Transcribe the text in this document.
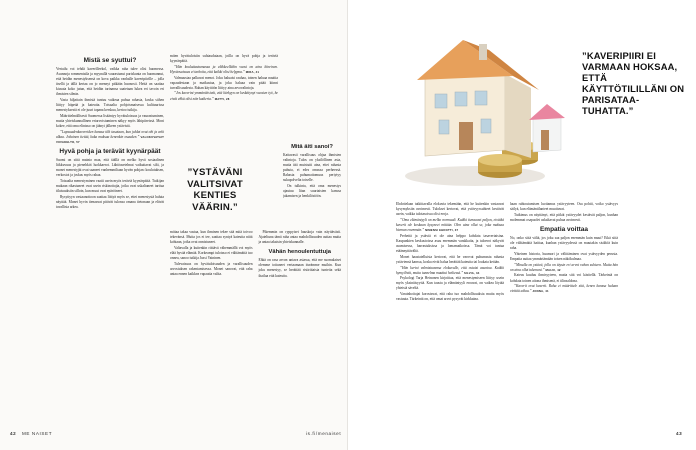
Mistä se syuttui?

Vertailu voi tehdä kaverilleekol, vaikka raha tulee olisi huomessa. Asunnoja rommentaila ja myynallä vaurastunut pariskunta on huomannut, että heidän menestyksensä on kova paikka vanhalle kaveripiirille – jolla itsellä ja tällä kertaa on jo mennyt pitkään huonosti. Heitä on saattaa kiusata koko jutun, että heidän tarinansa saatetaan lukea eri tavoin eri ihmisten silmin.

Vasta hiljattain ihmistä tuntuu vaikeaa puhua rahasta, koska siihen liittyy häpeää ja kateutta. Toisaalta pohjoismaisessa kulttuurissa menestyksestä ei ole juuri tapana kerskua, kertoo tutkija.

Määrittelmällisesti Suomessa lisääntyy hyvätuloisuus ja vaurastuminen, mutta yhteiskunnallinen eriarvoistuminen näkyy myös lähipiireissä. Moni kokee, että oma elintaso on jäänyt jälkeen ystävistä.

”Lapsuudenkavereiden kanssa tilit tasataan, kun juhlat ovat ohi ja arki alkaa. Jokainen tietää, kuka maksaa kenenkin osuuden.” VALOKUVATAIT VIIVAKELTO, 57

Hyvä pohja ja terävät kyynärpäät

Suomi on siitä mainio maa, että täällä on melko hyvä sosiaalinen liikkuvuus ja pienehköt luokkaerot. Lähtöasetelmat vaikuttavat silti, ja monet menestyjät ovat saaneet vanhemmiltaan hyvän pohjan: koulutuksen, verkostot ja joskus myös rahaa.

Toisaalta menestyminen vaatii usein myös teräviä kyynärpäitä. Tutkijan mukaan rikastuneet ovat usein riskinottajia, jotka ovat uskaltaneet tarttua tilaisuuksiin silloin, kun muut ovat epäröineet.

Rysyttyyn vastaanottoon saattaa liittyä myös se, ettei menestystä haluta näyttää. Monet hyvin tienaavat pitävät tulonsa omana tietonaan ja elävät tavallista arkea.

miten hyvätuloisiin suhtaudutaan, joilla on hyvä pohja ja teräviä kyynärpäitä.

”Hän kouluttautumassa ja eläkkeelläkin vuosi on aina kiireinen. Hyväosaisuus ei tarkoita, että kaikki olisi helppoa.” MIRA, 41

Valmuustaa palkavat menot. Joku haluaisi rauhaa, toinen haluaa nauttia vapaudestaan ja matkustaa, ja joku haluaa vain pitää kiinni turvallisuudesta. Rahan käyttöön liittyy aina arvovalintoja.

”Jos kaverini ymmärtäisivät, että kärkyyn on keskittynyt vuosien työ, he eivät ehkä olisi niin katkeria.” MATTI, 28

Mitä äiti sanoi?

Kattavasti varallisuus ohjaa ihmisten valintoja. Tulos on yksilöllinen asia, mutta äiti muistutti aina, ettei rahasta puhuta, ei edes omassa perheessä. Rahasta puhumattomuus periytyy sukupolvelta toiselle.

On tulkinta, että oma menestys ajautuu liian suurtaisten kanssa jakamisen ja henkilöstöön.

”YSTÄVÄNI VALITSIVAT KENTIES VÄÄRIN.”

mittaa takaa vastaa, kun ihminen tekee sitä mitä toivoo tekevänsä. Mutta jos ei tee, saattaa syntyä kateutta niitä kohtaan, jotka ovat onnistuneet.

Valtavalla ja kuitenkin riittävä vähemmällä voi myös elää hyvää elämää. Korkeampi tulotaso ei välttämättä tuo onnea, sanoo tutkija Jussi Vaininen.

Tulevaisuus on hyvätuloisuuden ja varallisuuden arvostuksen rakentamisessa. Monet sanovat, että raha antaa ennen kaikkea vapautta valita.

Pikemmin on ryppyiset hauskoja vain näyttävästi. Ajateltuna tämä raha antaa mahdollisuuden auttaa muita ja antaa takaisin yhteiskunnalle.

Vähän henoulentuttuja

Ehkä on rasa arvon antava asiassa, että me suomalaiset olemme tottuneet vertaamaan itseämme muihin. Kun joku menestyy, se herättää ristiriitaisia tunteita sekä ihailua että kateutta.

42 ME NAISET

Ehdottelaan tutkittavalla elokuvia tekemään, että he kuitenkin vastaavat kysymyksiin avoimesti. Tulokset kertovat, että ystävyyssuhteet kestävät usein, vaikka tulotasoissa olisi eroja.

”Oma elämäntyyli on melko normaali. Kaikki tienaavat paljon, eivätkä kaverit ole koskaan kysyneet mitään. Olen aina ollut se, joka maksaa hieman enemmän.” NIMENSI EHDOTTI, 37

Perhettä ja ystäviä ei ole aina helppo kohdata tasavertaisina. Kaupunkien keskustoissa asuu enemmän varakkaita, ja tuloerot näkyvät asumisessa, harrastuksissa ja lomamatkoissa. Tämä voi tuntua etäännyttävältä.

Monet haastatelluista kertovat, että he varovat puhumasta rahasta ystäviensä kanssa, koska eivät halua herättää kateutta tai loukata ketään.

”Hän kertoi valmistuvansa elokuvalle, että ostaisi asuntoa. Kaikki hymyilivät, mutta tunnelma muuttui hetkessä.” SILVIA, 34

Psykologi Tarja Heinonen kirjoittaa, että menestymiseen liittyy usein myös yksinäisyyttä. Kun tausta ja elämäntyyli eroavat, on vaikea löytää yhteistä säveltä.

Varainhoitajat korostavat, että raha tuo mahdollisuuksia mutta myös vastuuta. Tärkeintä on, että omat arvot pysyvät kirkkaina.

haan ruhtoutumisen luottamus ystävyyteen. Osa pohtii, voiko ystävyys säilyä, kun elämäntilanteet muuttuvat.

Tutkimus on näyttänyt, että pitkät ystävyydet kestävät paljon, kunhan molemmat osapuolet uskaltavat puhua avoimesti.

Empatia voittaa

No, onko siitä väliä, jos joku saa paljon enemmän kuin muut? Eikä siitä ole välttämättä haittaa, kunhan ystävyydessä on muutakin sisältöä kuin raha.

Yhteinen historia, huumori ja välittäminen ovat ystävyyden perusta. Empatia auttaa ymmärtämään toisen näkökulmaa.

”Minulla on ystävä, jolla on täysin eri arvot rahan suhteen. Mutta hän on aina ollut tukenani.” MAIJU, 42

Kateus kuuluu ihmisyyteen, mutta sitä voi käsitellä. Tärkeintä on kohdata toinen aitona ihmisenä, ei tilinsaldona.

”Kaverit ovat kaverit. Raha ei määrittele sitä, kenen kanssa haluan viettää aikaa.” JONNA, 41

43
is.fi/menaiset
”KAVERIPIIRI EI VARMAAN HOKSAA, ETTÄ KÄYTTÖTILILLÄNI ON PARISATAA-TUHATTA.”
